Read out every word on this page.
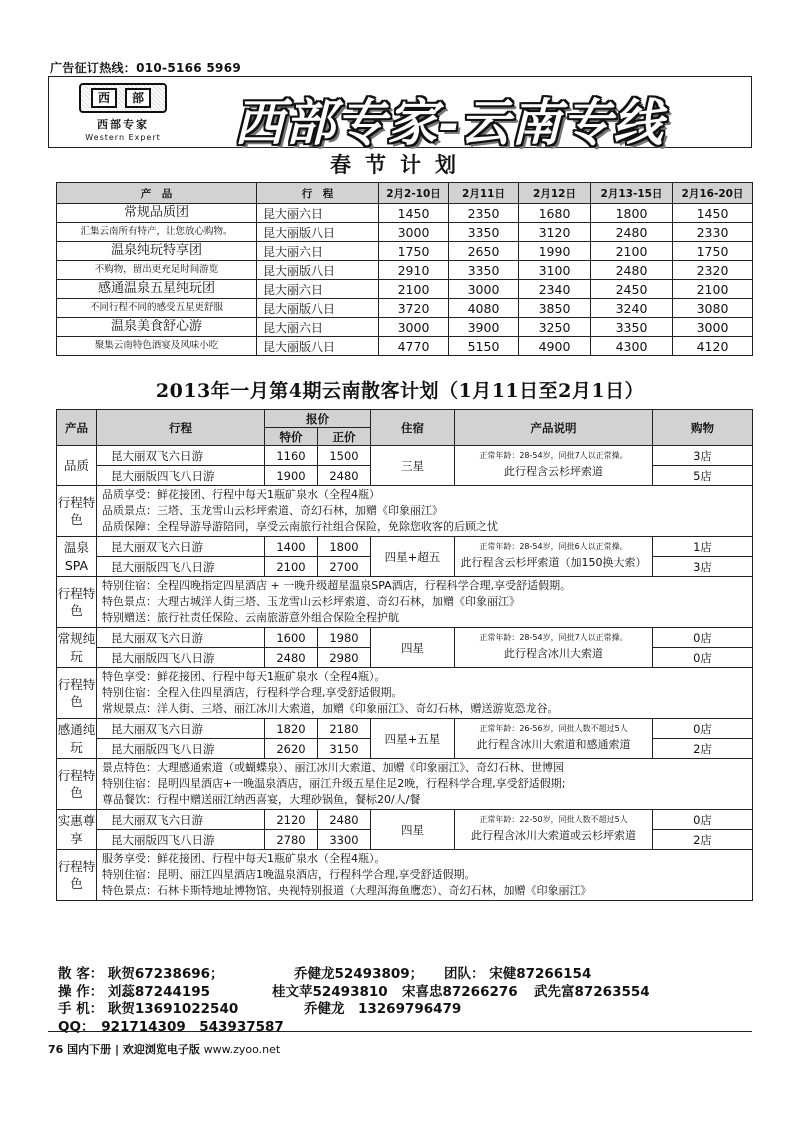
广告征订热线：010-5166 5969
西	部
西部专家
Western Expert	西部专家-云南专线
春节计划
产　品	行　程	2月2-10日	2月11日	2月12日	2月13-15日	2月16-20日

常规品质团	昆大丽六日	1450	2350	1680	1800	1450

汇集云南所有特产，让您放心购物。	昆大丽版八日	3000	3350	3120	2480	2330

温泉纯玩特享团	昆大丽六日	1750	2650	1990	2100	1750

不购物，留出更充足时间游览	昆大丽版八日	2910	3350	3100	2480	2320

感通温泉五星纯玩团	昆大丽六日	2100	3000	2340	2450	2100

不同行程不同的感受五星更舒服	昆大丽版八日	3720	4080	3850	3240	3080

温泉美食舒心游	昆大丽六日	3000	3900	3250	3350	3000

聚集云南特色酒宴及风味小吃	昆大丽版八日	4770	5150	4900	4300	4120
2013年一月第4期云南散客计划（1月11日至2月1日）
产品	行程	报价		住宿	产品说明	购物
		特价	正价			
品质	昆大丽双飞六日游	1160	1500	三星	正常年龄：28-54岁，同批7人以正常操。
此行程含云杉坪索道	3店
	昆大丽版四飞八日游	1900	2480			5店
行程特色	品质享受：鲜花接团、行程中每天1瓶矿泉水（全程4瓶）
品质景点：三塔、玉龙雪山云杉坪索道、奇幻石林，加赠《印象丽江》
品质保障：全程导游导游陪同，享受云南旅行社组合保险，免除您收客的后顾之忧					

温泉SPA	昆大丽双飞六日游	1400	1800	四星+超五	正常年龄：28-54岁，同批6人以正常操。
此行程含云杉坪索道（加150换大索）	1店
	昆大丽版四飞八日游	2100	2700			3店
行程特色	特别住宿：全程四晚指定四星酒店 + 一晚升级超星温泉SPA酒店，行程科学合理,享受舒适假期。
特色景点：大理古城洋人街三塔、玉龙雪山云杉坪索道、奇幻石林，加赠《印象丽江》
特别赠送：旅行社责任保险、云南旅游意外组合保险全程护航					

常规纯玩	昆大丽双飞六日游	1600	1980	四星	正常年龄：28-54岁，同批7人以正常操。
此行程含冰川大索道	0店
	昆大丽版四飞八日游	2480	2980			0店
行程特色	特色享受：鲜花接团、行程中每天1瓶矿泉水（全程4瓶）。
特别住宿：全程入住四星酒店，行程科学合理,享受舒适假期。
常规景点：洋人街、三塔、丽江冰川大索道，加赠《印象丽江》、奇幻石林，赠送游览恐龙谷。					

感通纯玩	昆大丽双飞六日游	1820	2180	四星+五星	正常年龄：26-56岁，同批人数不超过5人
此行程含冰川大索道和感通索道	0店
	昆大丽版四飞八日游	2620	3150			2店
行程特色	景点特色：大理感通索道（或蝴蝶泉）、丽江冰川大索道、加赠《印象丽江》、奇幻石林、世博园
特别住宿：昆明四星酒店+一晚温泉酒店，丽江升级五星住足2晚，行程科学合理,享受舒适假期;
尊品餐饮：行程中赠送丽江纳西喜宴，大理砂锅鱼，餐标20/人/餐					

实惠尊享	昆大丽双飞六日游	2120	2480	四星	正常年龄：22-50岁，同批人数不超过5人
此行程含冰川大索道或云杉坪索道	0店
	昆大丽版四飞八日游	2780	3300			2店
行程特色	服务享受：鲜花接团、行程中每天1瓶矿泉水（全程4瓶）。
特别住宿：昆明、丽江四星酒店1晚温泉酒店，行程科学合理,享受舒适假期。
特色景点：石林卡斯特地址博物馆、央视特别报道（大理洱海鱼鹰恋）、奇幻石林，加赠《印象丽江》					
散 客： 耿贺67238696；	乔健龙52493809； 团队： 宋健87266154
操 作： 刘蕊87244195	桂文苹52493810 宋喜忠87266276 武先富87263554
手 机： 耿贺13691022540	乔健龙　13269796479
QQ：　921714309　543937587
76 国内下册 | 欢迎浏览电子版 www.zyoo.net
